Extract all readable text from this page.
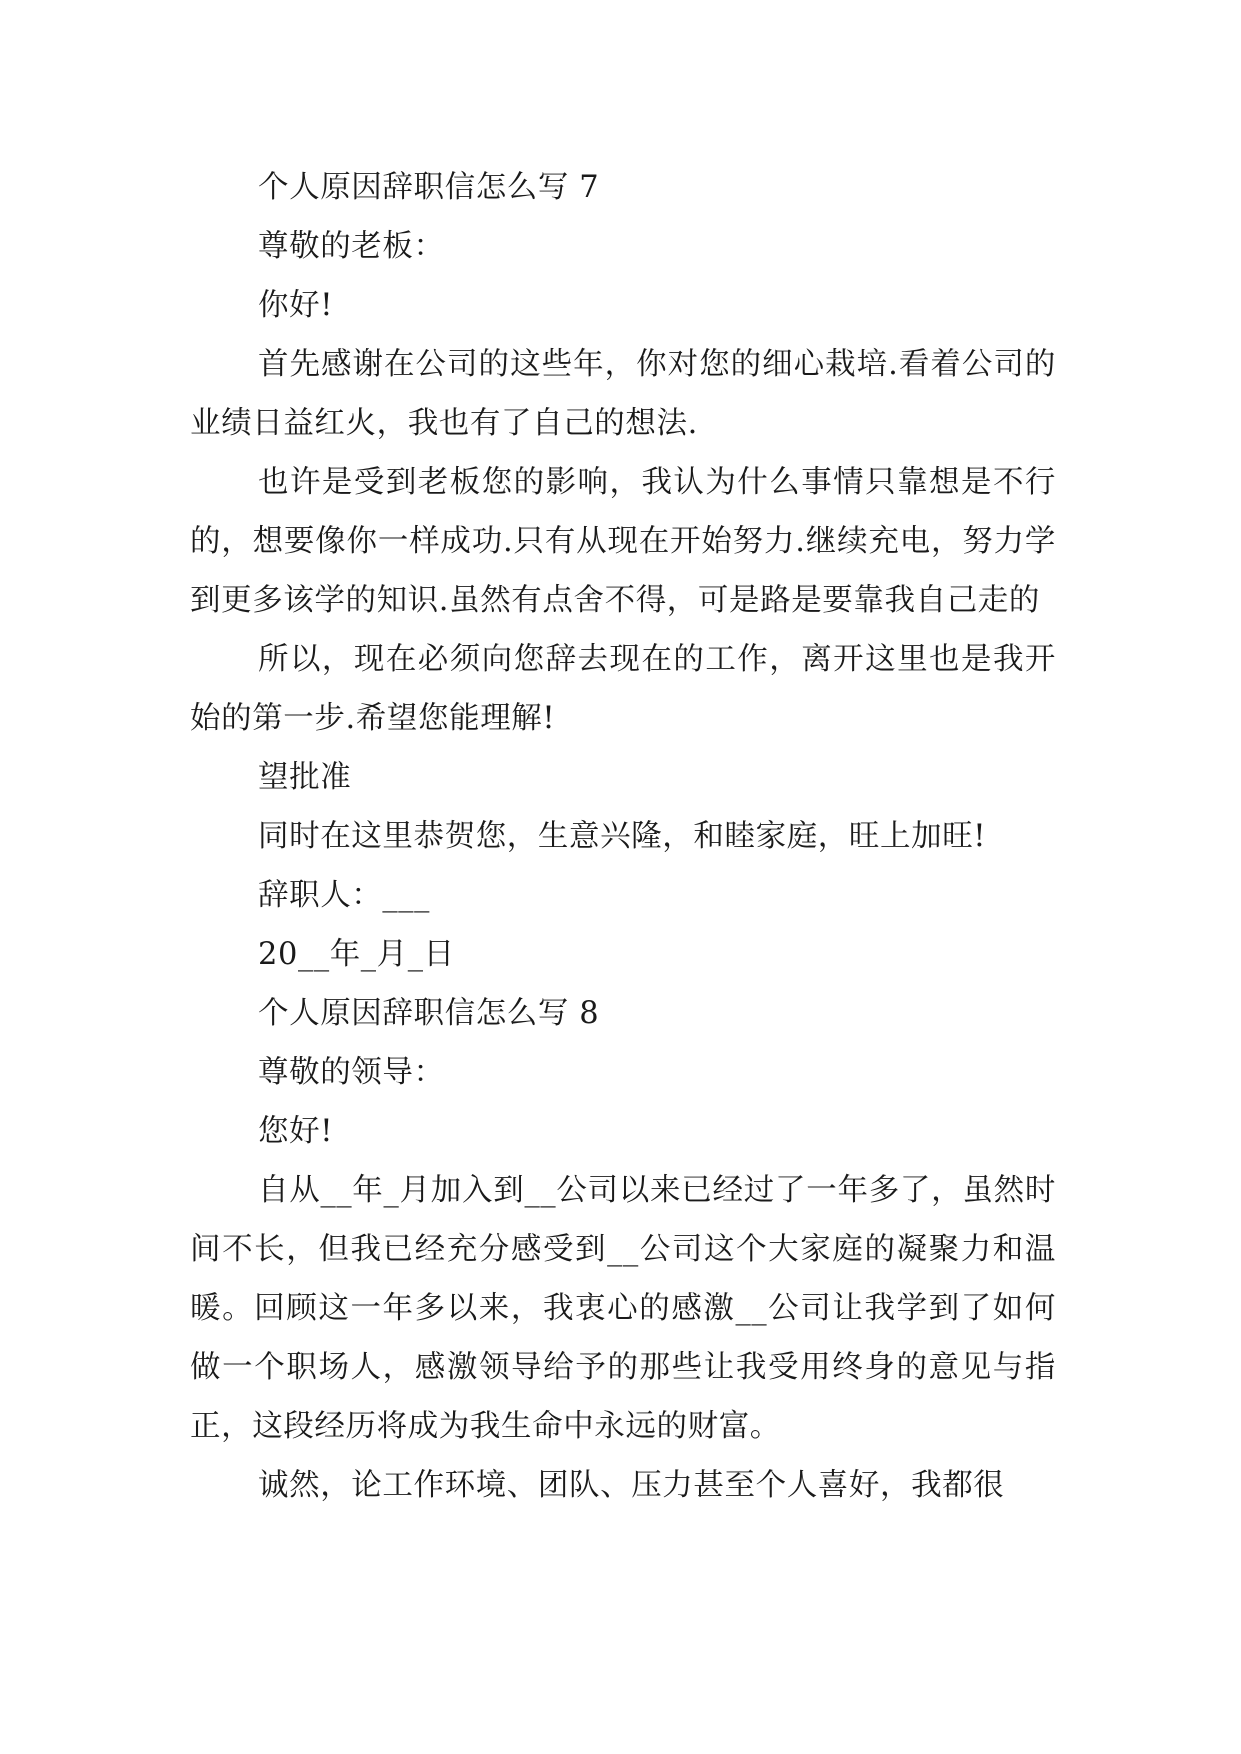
个人原因辞职信怎么写 7

尊敬的老板：

你好!

首先感谢在公司的这些年，你对您的细心栽培.看着公司的业绩日益红火，我也有了自己的想法.

也许是受到老板您的影响，我认为什么事情只靠想是不行的，想要像你一样成功.只有从现在开始努力.继续充电，努力学到更多该学的知识.虽然有点舍不得，可是路是要靠我自己走的

所以，现在必须向您辞去现在的工作，离开这里也是我开始的第一步.希望您能理解!

望批准

同时在这里恭贺您，生意兴隆，和睦家庭，旺上加旺!

辞职人：___

20__年_月_日

个人原因辞职信怎么写 8

尊敬的领导：

您好!

自从__年_月加入到__公司以来已经过了一年多了，虽然时间不长，但我已经充分感受到__公司这个大家庭的凝聚力和温暖。回顾这一年多以来，我衷心的感激__公司让我学到了如何做一个职场人，感激领导给予的那些让我受用终身的意见与指正，这段经历将成为我生命中永远的财富。

诚然，论工作环境、团队、压力甚至个人喜好，我都很
